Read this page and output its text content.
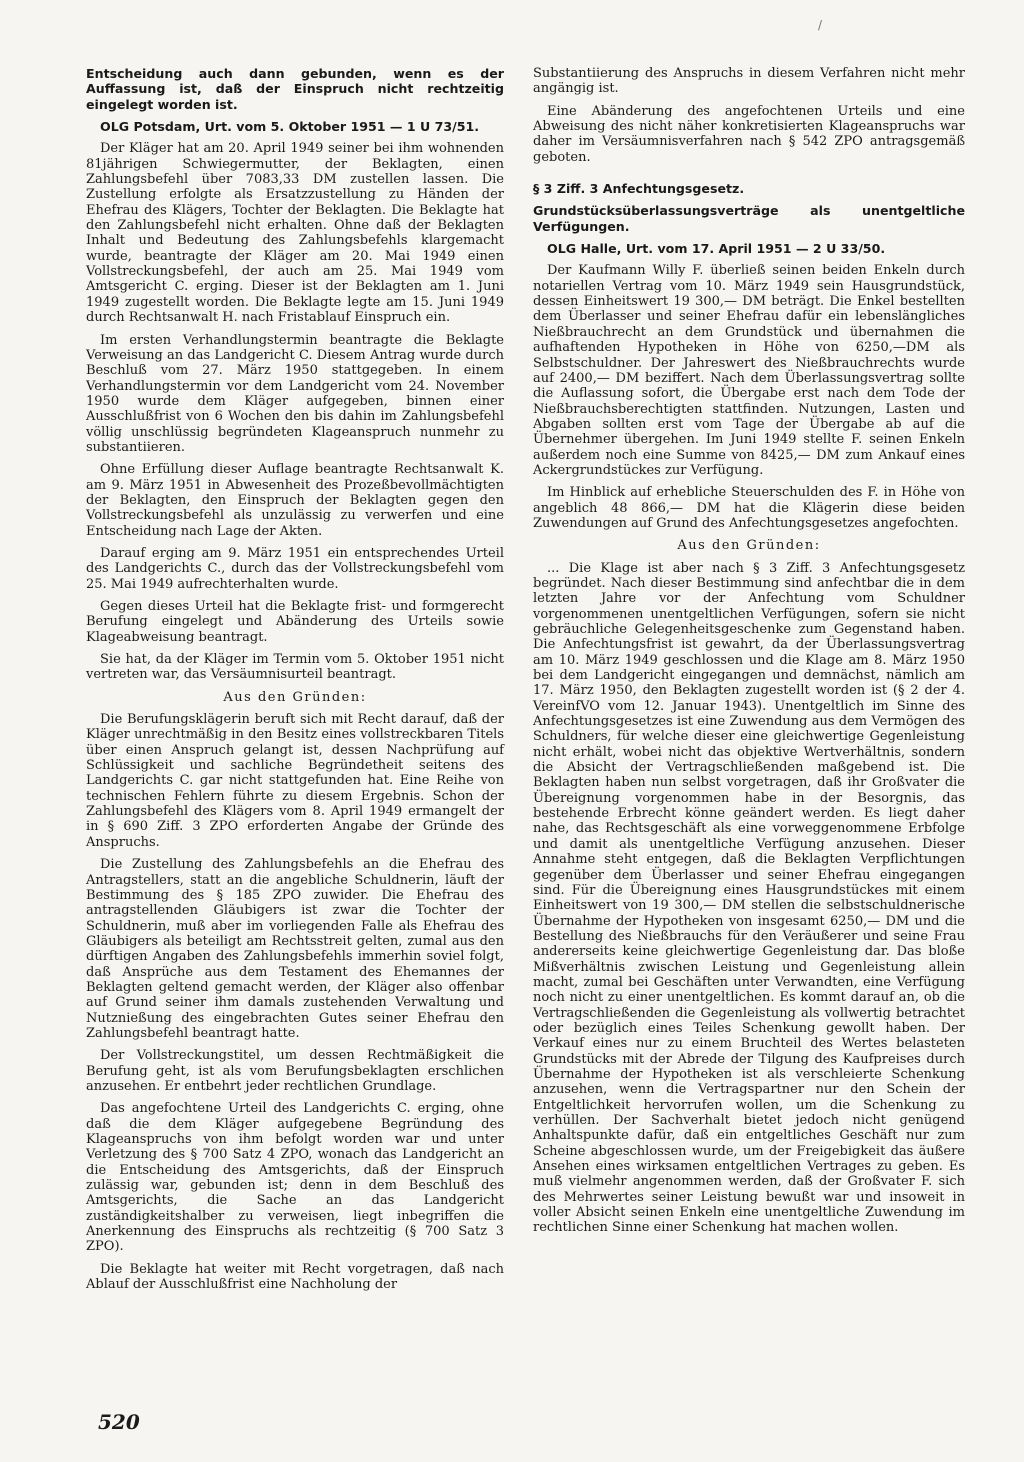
/

Entscheidung auch dann gebunden, wenn es der Auffassung ist, daß der Einspruch nicht rechtzeitig eingelegt worden ist.

OLG Potsdam, Urt. vom 5. Oktober 1951 — 1 U 73/51.

Der Kläger hat am 20. April 1949 seiner bei ihm wohnenden 81jährigen Schwiegermutter, der Beklagten, einen Zahlungsbefehl über 7083,33 DM zustellen lassen. Die Zustellung erfolgte als Ersatzzustellung zu Händen der Ehefrau des Klägers, Tochter der Beklagten. Die Beklagte hat den Zahlungsbefehl nicht erhalten. Ohne daß der Beklagten Inhalt und Bedeutung des Zahlungsbefehls klargemacht wurde, beantragte der Kläger am 20. Mai 1949 einen Vollstreckungsbefehl, der auch am 25. Mai 1949 vom Amtsgericht C. erging. Dieser ist der Beklagten am 1. Juni 1949 zugestellt worden. Die Beklagte legte am 15. Juni 1949 durch Rechtsanwalt H. nach Fristablauf Einspruch ein.

Im ersten Verhandlungstermin beantragte die Beklagte Verweisung an das Landgericht C. Diesem Antrag wurde durch Beschluß vom 27. März 1950 stattgegeben. In einem Verhandlungstermin vor dem Landgericht vom 24. November 1950 wurde dem Kläger aufgegeben, binnen einer Ausschlußfrist von 6 Wochen den bis dahin im Zahlungsbefehl völlig unschlüssig begründeten Klageanspruch nunmehr zu substantiieren.

Ohne Erfüllung dieser Auflage beantragte Rechtsanwalt K. am 9. März 1951 in Abwesenheit des Prozeßbevollmächtigten der Beklagten, den Einspruch der Beklagten gegen den Vollstreckungsbefehl als unzulässig zu verwerfen und eine Entscheidung nach Lage der Akten.

Darauf erging am 9. März 1951 ein entsprechendes Urteil des Landgerichts C., durch das der Vollstreckungsbefehl vom 25. Mai 1949 aufrechterhalten wurde.

Gegen dieses Urteil hat die Beklagte frist- und formgerecht Berufung eingelegt und Abänderung des Urteils sowie Klageabweisung beantragt.

Sie hat, da der Kläger im Termin vom 5. Oktober 1951 nicht vertreten war, das Versäumnisurteil beantragt.

Aus den Gründen:

Die Berufungsklägerin beruft sich mit Recht darauf, daß der Kläger unrechtmäßig in den Besitz eines vollstreckbaren Titels über einen Anspruch gelangt ist, dessen Nachprüfung auf Schlüssigkeit und sachliche Begründetheit seitens des Landgerichts C. gar nicht stattgefunden hat. Eine Reihe von technischen Fehlern führte zu diesem Ergebnis. Schon der Zahlungsbefehl des Klägers vom 8. April 1949 ermangelt der in § 690 Ziff. 3 ZPO erforderten Angabe der Gründe des Anspruchs.

Die Zustellung des Zahlungsbefehls an die Ehefrau des Antragstellers, statt an die angebliche Schuldnerin, läuft der Bestimmung des § 185 ZPO zuwider. Die Ehefrau des antragstellenden Gläubigers ist zwar die Tochter der Schuldnerin, muß aber im vorliegenden Falle als Ehefrau des Gläubigers als beteiligt am Rechtsstreit gelten, zumal aus den dürftigen Angaben des Zahlungsbefehls immerhin soviel folgt, daß Ansprüche aus dem Testament des Ehemannes der Beklagten geltend gemacht werden, der Kläger also offenbar auf Grund seiner ihm damals zustehenden Verwaltung und Nutznießung des eingebrachten Gutes seiner Ehefrau den Zahlungsbefehl beantragt hatte.

Der Vollstreckungstitel, um dessen Rechtmäßigkeit die Berufung geht, ist als vom Berufungsbeklagten erschlichen anzusehen. Er entbehrt jeder rechtlichen Grundlage.

Das angefochtene Urteil des Landgerichts C. erging, ohne daß die dem Kläger aufgegebene Begründung des Klageanspruchs von ihm befolgt worden war und unter Verletzung des § 700 Satz 4 ZPO, wonach das Landgericht an die Entscheidung des Amtsgerichts, daß der Einspruch zulässig war, gebunden ist; denn in dem Beschluß des Amtsgerichts, die Sache an das Landgericht zuständigkeitshalber zu verweisen, liegt inbegriffen die Anerkennung des Einspruchs als rechtzeitig (§ 700 Satz 3 ZPO).

Die Beklagte hat weiter mit Recht vorgetragen, daß nach Ablauf der Ausschlußfrist eine Nachholung der

Substantiierung des Anspruchs in diesem Verfahren nicht mehr angängig ist.

Eine Abänderung des angefochtenen Urteils und eine Abweisung des nicht näher konkretisierten Klageanspruchs war daher im Versäumnisverfahren nach § 542 ZPO antragsgemäß geboten.

§ 3 Ziff. 3 Anfechtungsgesetz.

Grundstücksüberlassungsverträge als unentgeltliche Verfügungen.

OLG Halle, Urt. vom 17. April 1951 — 2 U 33/50.

Der Kaufmann Willy F. überließ seinen beiden Enkeln durch notariellen Vertrag vom 10. März 1949 sein Hausgrundstück, dessen Einheitswert 19 300,— DM beträgt. Die Enkel bestellten dem Überlasser und seiner Ehefrau dafür ein lebenslängliches Nießbrauchrecht an dem Grundstück und übernahmen die aufhaftenden Hypotheken in Höhe von 6250,—DM als Selbstschuldner. Der Jahreswert des Nießbrauchrechts wurde auf 2400,— DM beziffert. Nach dem Überlassungsvertrag sollte die Auflassung sofort, die Übergabe erst nach dem Tode der Nießbrauchsberechtigten stattfinden. Nutzungen, Lasten und Abgaben sollten erst vom Tage der Übergabe ab auf die Übernehmer übergehen. Im Juni 1949 stellte F. seinen Enkeln außerdem noch eine Summe von 8425,— DM zum Ankauf eines Ackergrundstückes zur Verfügung.

Im Hinblick auf erhebliche Steuerschulden des F. in Höhe von angeblich 48 866,— DM hat die Klägerin diese beiden Zuwendungen auf Grund des Anfechtungsgesetzes angefochten.

Aus den Gründen:

... Die Klage ist aber nach § 3 Ziff. 3 Anfechtungsgesetz begründet. Nach dieser Bestimmung sind anfechtbar die in dem letzten Jahre vor der Anfechtung vom Schuldner vorgenommenen unentgeltlichen Verfügungen, sofern sie nicht gebräuchliche Gelegenheitsgeschenke zum Gegenstand haben. Die Anfechtungsfrist ist gewahrt, da der Überlassungsvertrag am 10. März 1949 geschlossen und die Klage am 8. März 1950 bei dem Landgericht eingegangen und demnächst, nämlich am 17. März 1950, den Beklagten zugestellt worden ist (§ 2 der 4. VereinfVO vom 12. Januar 1943). Unentgeltlich im Sinne des Anfechtungsgesetzes ist eine Zuwendung aus dem Vermögen des Schuldners, für welche dieser eine gleichwertige Gegenleistung nicht erhält, wobei nicht das objektive Wertverhältnis, sondern die Absicht der Vertragschließenden maßgebend ist. Die Beklagten haben nun selbst vorgetragen, daß ihr Großvater die Übereignung vorgenommen habe in der Besorgnis, das bestehende Erbrecht könne geändert werden. Es liegt daher nahe, das Rechtsgeschäft als eine vorweggenommene Erbfolge und damit als unentgeltliche Verfügung anzusehen. Dieser Annahme steht entgegen, daß die Beklagten Verpflichtungen gegenüber dem Überlasser und seiner Ehefrau eingegangen sind. Für die Übereignung eines Hausgrundstückes mit einem Einheitswert von 19 300,— DM stellen die selbstschuldnerische Übernahme der Hypotheken von insgesamt 6250,— DM und die Bestellung des Nießbrauchs für den Veräußerer und seine Frau andererseits keine gleichwertige Gegenleistung dar. Das bloße Mißverhältnis zwischen Leistung und Gegenleistung allein macht, zumal bei Geschäften unter Verwandten, eine Verfügung noch nicht zu einer unentgeltlichen. Es kommt darauf an, ob die Vertragschließenden die Gegenleistung als vollwertig betrachtet oder bezüglich eines Teiles Schenkung gewollt haben. Der Verkauf eines nur zu einem Bruchteil des Wertes belasteten Grundstücks mit der Abrede der Tilgung des Kaufpreises durch Übernahme der Hypotheken ist als verschleierte Schenkung anzusehen, wenn die Vertragspartner nur den Schein der Entgeltlichkeit hervorrufen wollen, um die Schenkung zu verhüllen. Der Sachverhalt bietet jedoch nicht genügend Anhaltspunkte dafür, daß ein entgeltliches Geschäft nur zum Scheine abgeschlossen wurde, um der Freigebigkeit das äußere Ansehen eines wirksamen entgeltlichen Vertrages zu geben. Es muß vielmehr angenommen werden, daß der Großvater F. sich des Mehrwertes seiner Leistung bewußt war und insoweit in voller Absicht seinen Enkeln eine unentgeltliche Zuwendung im rechtlichen Sinne einer Schenkung hat machen wollen.

520
